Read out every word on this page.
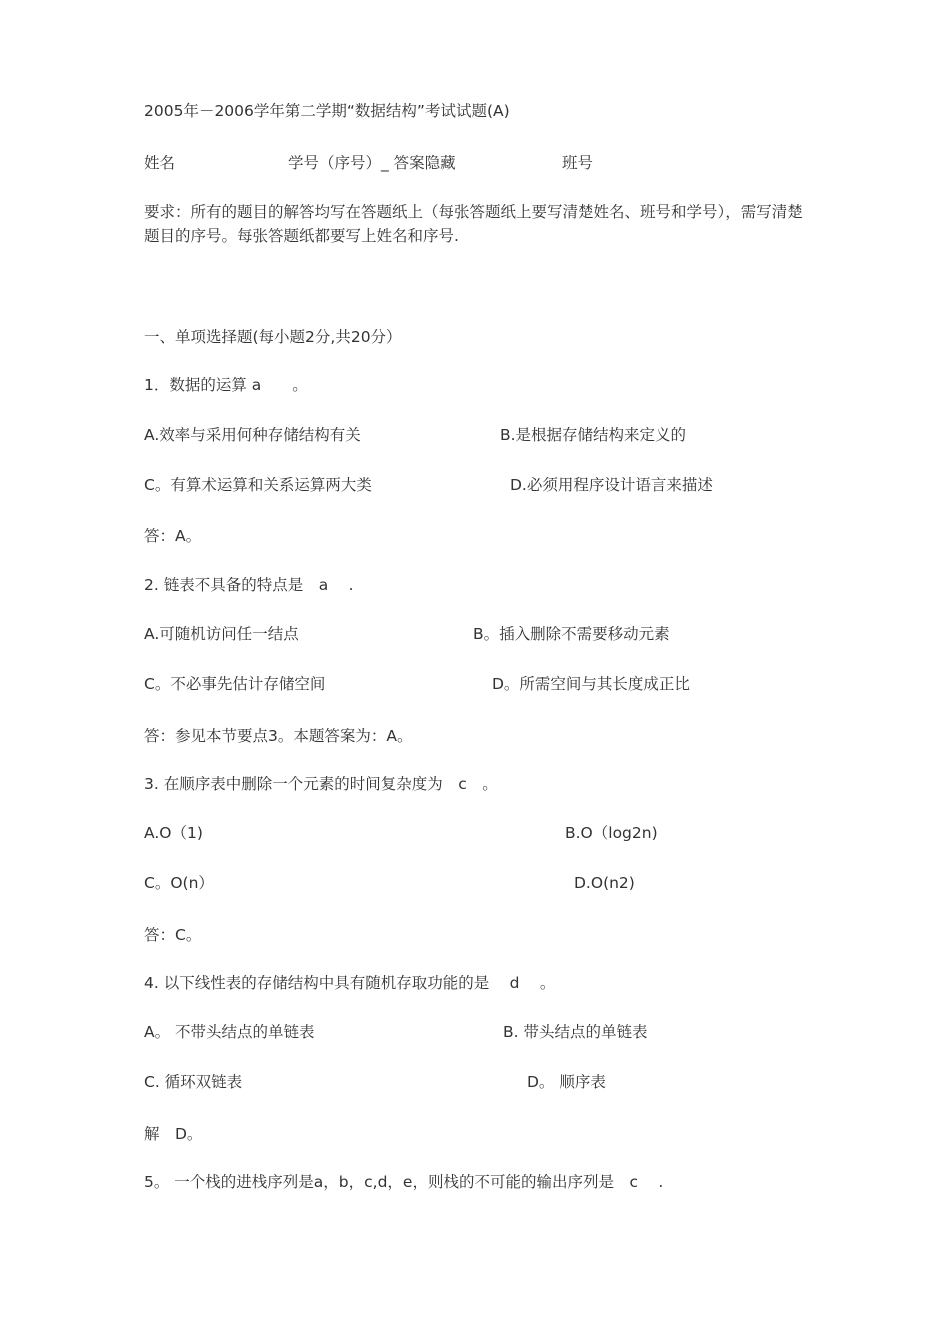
2005年－2006学年第二学期“数据结构”考试试题(A)
姓名	学号（序号）_ 答案隐藏	班号
要求：所有的题目的解答均写在答题纸上（每张答题纸上要写清楚姓名、班号和学号），需写清楚题目的序号。每张答题纸都要写上姓名和序号.
一、单项选择题(每小题2分,共20分）
1．数据的运算 a　　。
A.效率与采用何种存储结构有关	B.是根据存储结构来定义的
C。有算术运算和关系运算两大类	D.必须用程序设计语言来描述
答：A。
2. 链表不具备的特点是　a　 .
A.可随机访问任一结点	B。插入删除不需要移动元素
C。不必事先估计存储空间	D。所需空间与其长度成正比
答：参见本节要点3。本题答案为：A。
3. 在顺序表中删除一个元素的时间复杂度为　c　。
A.O（1)	B.O（log2n)
C。O(n）	D.O(n2)
答：C。
4. 以下线性表的存储结构中具有随机存取功能的是　 d　 。
A。 不带头结点的单链表	B. 带头结点的单链表
C. 循环双链表	D。 顺序表
解　D。
5。 一个栈的进栈序列是a，b，c,d，e，则栈的不可能的输出序列是　c　 .
